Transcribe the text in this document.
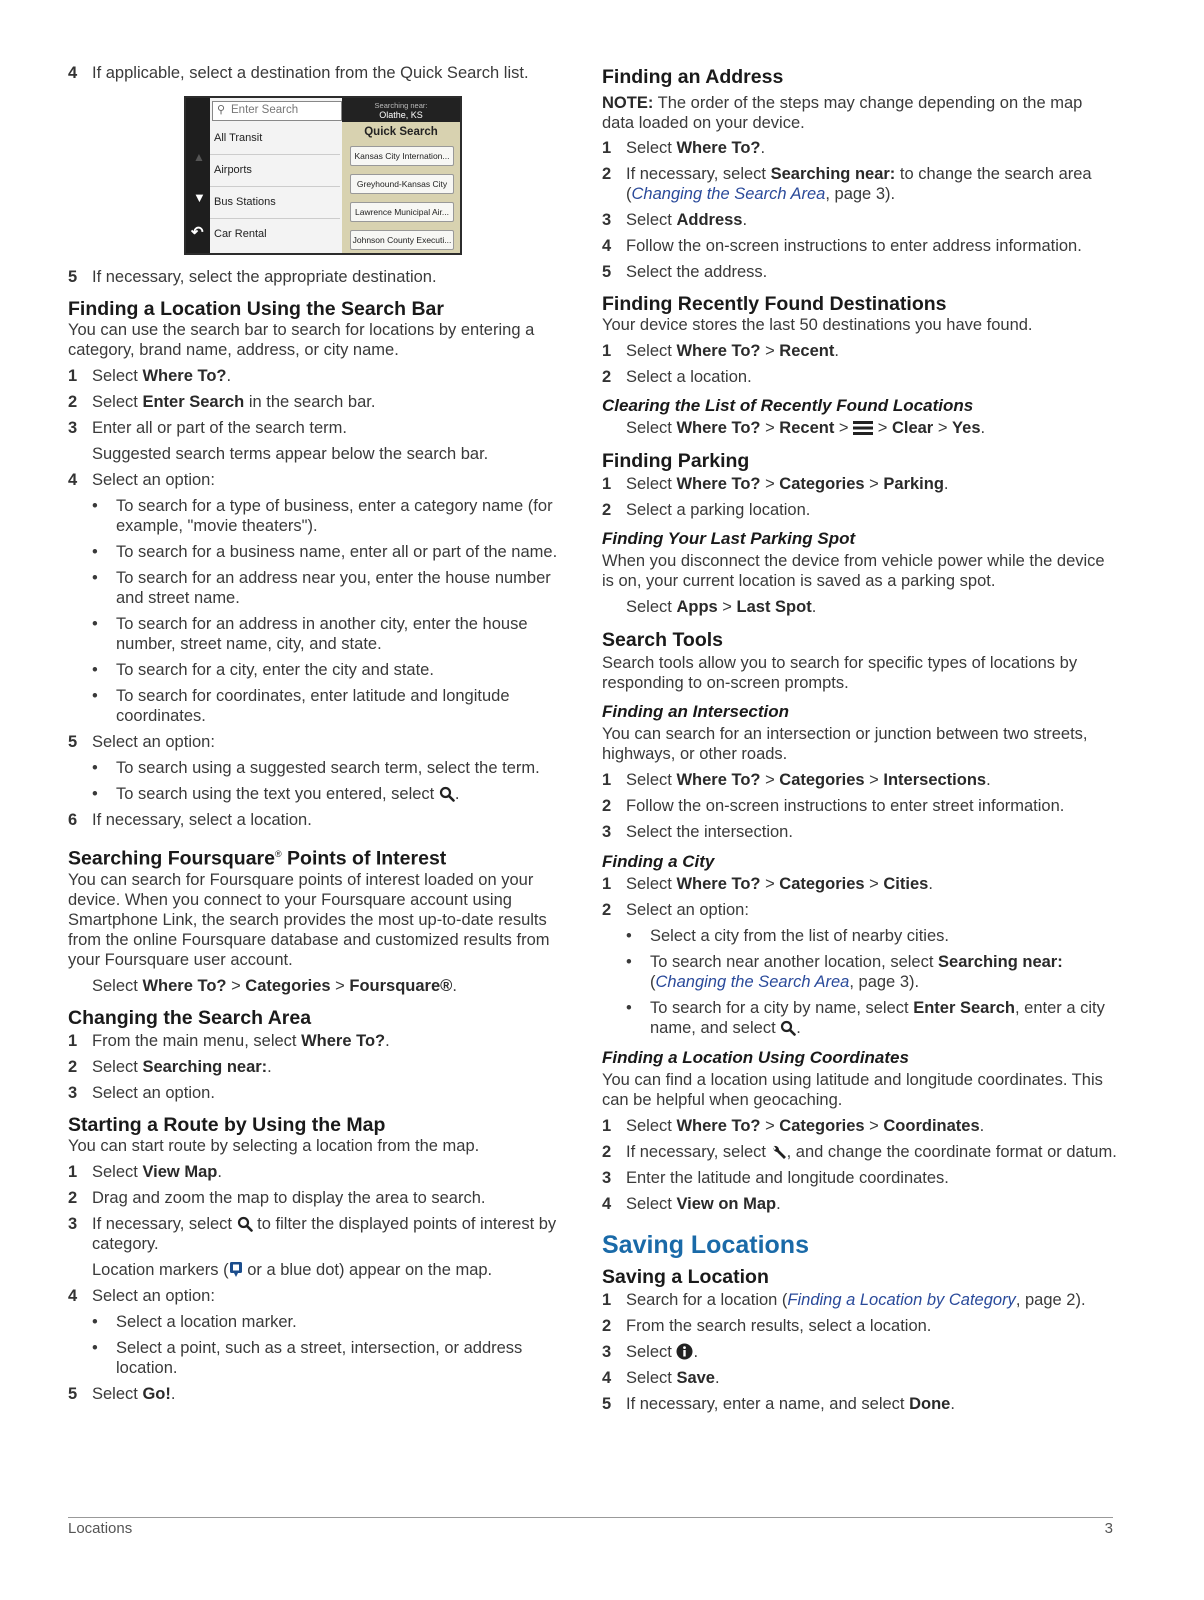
4 If applicable, select a destination from the Quick Search list.
▲
▼
↶
⚲ Enter Search
All Transit
Airports
Bus Stations
Car Rental
Searching near:
Olathe, KS
Quick Search
Kansas City Internation...
Greyhound-Kansas City
Lawrence Municipal Air...
Johnson County Executi...
5 If necessary, select the appropriate destination.
Finding a Location Using the Search Bar

You can use the search bar to search for locations by entering a category, brand name, address, or city name.

1 Select Where To?.
2 Select Enter Search in the search bar.
3 Enter all or part of the search term.
Suggested search terms appear below the search bar.
4 Select an option:
• To search for a type of business, enter a category name (for example, "movie theaters").
• To search for a business name, enter all or part of the name.
• To search for an address near you, enter the house number and street name.
• To search for an address in another city, enter the house number, street name, city, and state.
• To search for a city, enter the city and state.
• To search for coordinates, enter latitude and longitude coordinates.
5 Select an option:
• To search using a suggested search term, select the term.
• To search using the text you entered, select .
6 If necessary, select a location.
Searching Foursquare® Points of Interest

You can search for Foursquare points of interest loaded on your device. When you connect to your Foursquare account using Smartphone Link, the search provides the most up-to-date results from the online Foursquare database and customized results from your Foursquare user account.

Select Where To? > Categories > Foursquare®.
Changing the Search Area
1 From the main menu, select Where To?.
2 Select Searching near:.
3 Select an option.
Starting a Route by Using the Map

You can start route by selecting a location from the map.

1 Select View Map.
2 Drag and zoom the map to display the area to search.
3 If necessary, select  to filter the displayed points of interest by category.
Location markers ( or a blue dot) appear on the map.
4 Select an option:
• Select a location marker.
• Select a point, such as a street, intersection, or address location.
5 Select Go!.
Finding an Address

NOTE: The order of the steps may change depending on the map data loaded on your device.

1 Select Where To?.
2 If necessary, select Searching near: to change the search area (Changing the Search Area, page 3).
3 Select Address.
4 Follow the on-screen instructions to enter address information.
5 Select the address.
Finding Recently Found Destinations

Your device stores the last 50 destinations you have found.

1 Select Where To? > Recent.
2 Select a location.
Clearing the List of Recently Found Locations
Select Where To? > Recent >  > Clear > Yes.
Finding Parking
1 Select Where To? > Categories > Parking.
2 Select a parking location.
Finding Your Last Parking Spot

When you disconnect the device from vehicle power while the device is on, your current location is saved as a parking spot.

Select Apps > Last Spot.
Search Tools

Search tools allow you to search for specific types of locations by responding to on-screen prompts.

Finding an Intersection

You can search for an intersection or junction between two streets, highways, or other roads.

1 Select Where To? > Categories > Intersections.
2 Follow the on-screen instructions to enter street information.
3 Select the intersection.
Finding a City
1 Select Where To? > Categories > Cities.
2 Select an option:
• Select a city from the list of nearby cities.
• To search near another location, select Searching near: (Changing the Search Area, page 3).
• To search for a city by name, select Enter Search, enter a city name, and select .
Finding a Location Using Coordinates

You can find a location using latitude and longitude coordinates. This can be helpful when geocaching.

1 Select Where To? > Categories > Coordinates.
2 If necessary, select , and change the coordinate format or datum.
3 Enter the latitude and longitude coordinates.
4 Select View on Map.
Saving Locations
Saving a Location
1 Search for a location (Finding a Location by Category, page 2).
2 From the search results, select a location.
3 Select .
4 Select Save.
5 If necessary, enter a name, and select Done.
Locations	3
